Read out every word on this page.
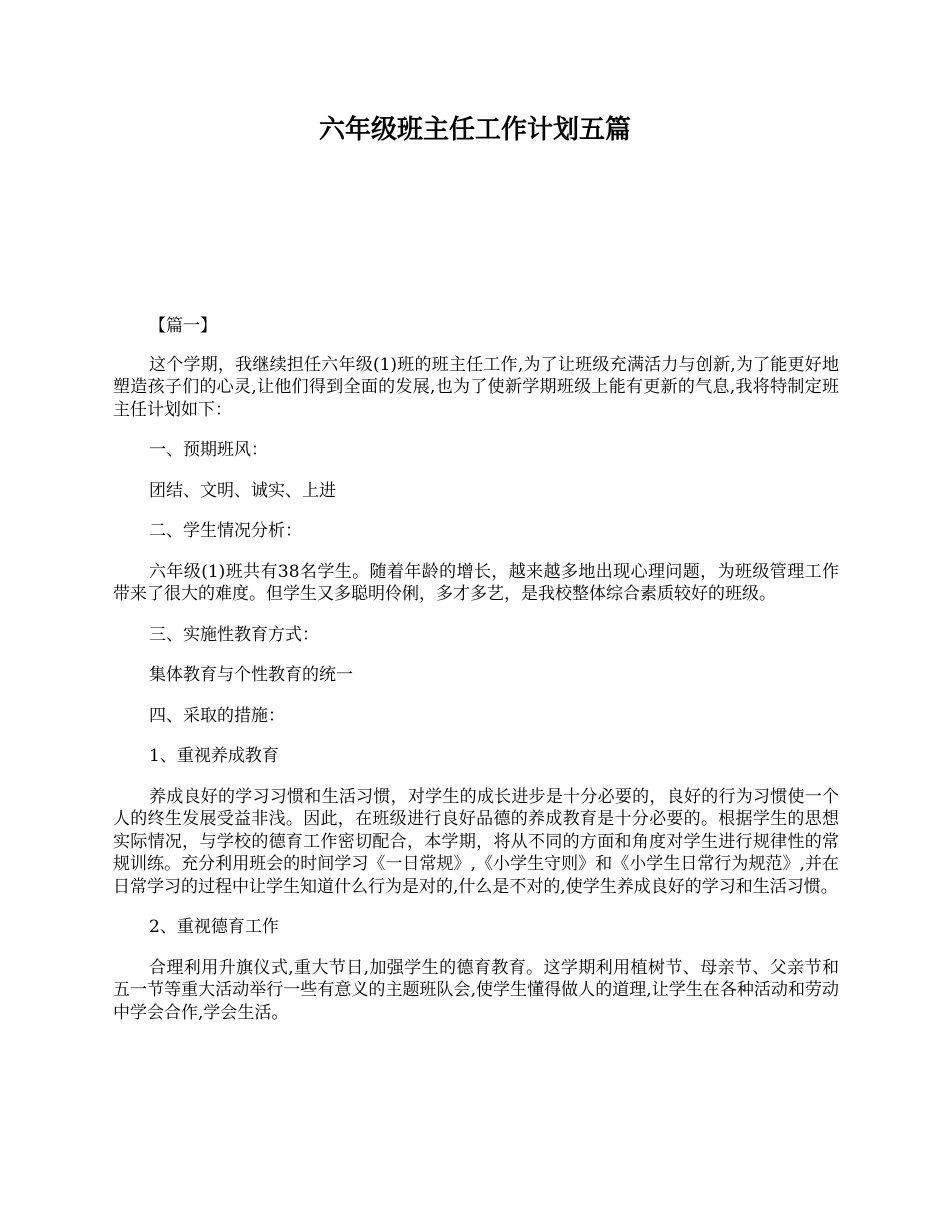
六年级班主任工作计划五篇

【篇一】

这个学期，我继续担任六年级(1)班的班主任工作,为了让班级充满活力与创新,为了能更好地塑造孩子们的心灵,让他们得到全面的发展,也为了使新学期班级上能有更新的气息,我将特制定班主任计划如下：

一、预期班风：

团结、文明、诚实、上进

二、学生情况分析：

六年级(1)班共有38名学生。随着年龄的增长，越来越多地出现心理问题，为班级管理工作带来了很大的难度。但学生又多聪明伶俐，多才多艺，是我校整体综合素质较好的班级。

三、实施性教育方式：

集体教育与个性教育的统一

四、采取的措施：

1、重视养成教育

养成良好的学习习惯和生活习惯，对学生的成长进步是十分必要的，良好的行为习惯使一个人的终生发展受益非浅。因此，在班级进行良好品德的养成教育是十分必要的。根据学生的思想实际情况，与学校的德育工作密切配合，本学期，将从不同的方面和角度对学生进行规律性的常规训练。充分利用班会的时间学习《一日常规》,《小学生守则》和《小学生日常行为规范》,并在日常学习的过程中让学生知道什么行为是对的,什么是不对的,使学生养成良好的学习和生活习惯。

2、重视德育工作

合理利用升旗仪式,重大节日,加强学生的德育教育。这学期利用植树节、母亲节、父亲节和五一节等重大活动举行一些有意义的主题班队会,使学生懂得做人的道理,让学生在各种活动和劳动中学会合作,学会生活。
